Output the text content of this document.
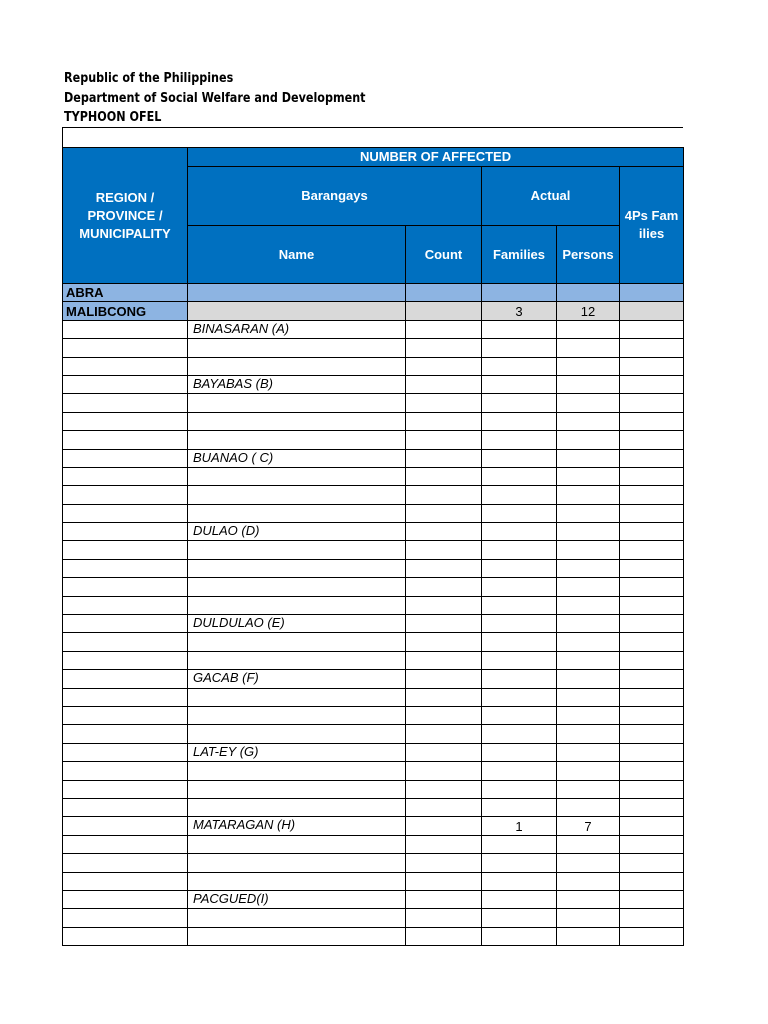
Republic of the Philippines
Department of Social Welfare and Development
TYPHOON OFEL
REGION / PROVINCE / MUNICIPALITY	NUMBER OF AFFECTED				
	Barangays		Actual		4Ps Families
	Name	Count	Families	Persons	
ABRA					
MALIBCONG			3	12	
	BINASARAN (A)				

	BAYABAS (B)				

	BUANAO ( C)				

	DULAO (D)				

	DULDULAO (E)				

	GACAB (F)				

	LAT-EY (G)				

	MATARAGAN (H)		1	7	

	PACGUED(I)				
